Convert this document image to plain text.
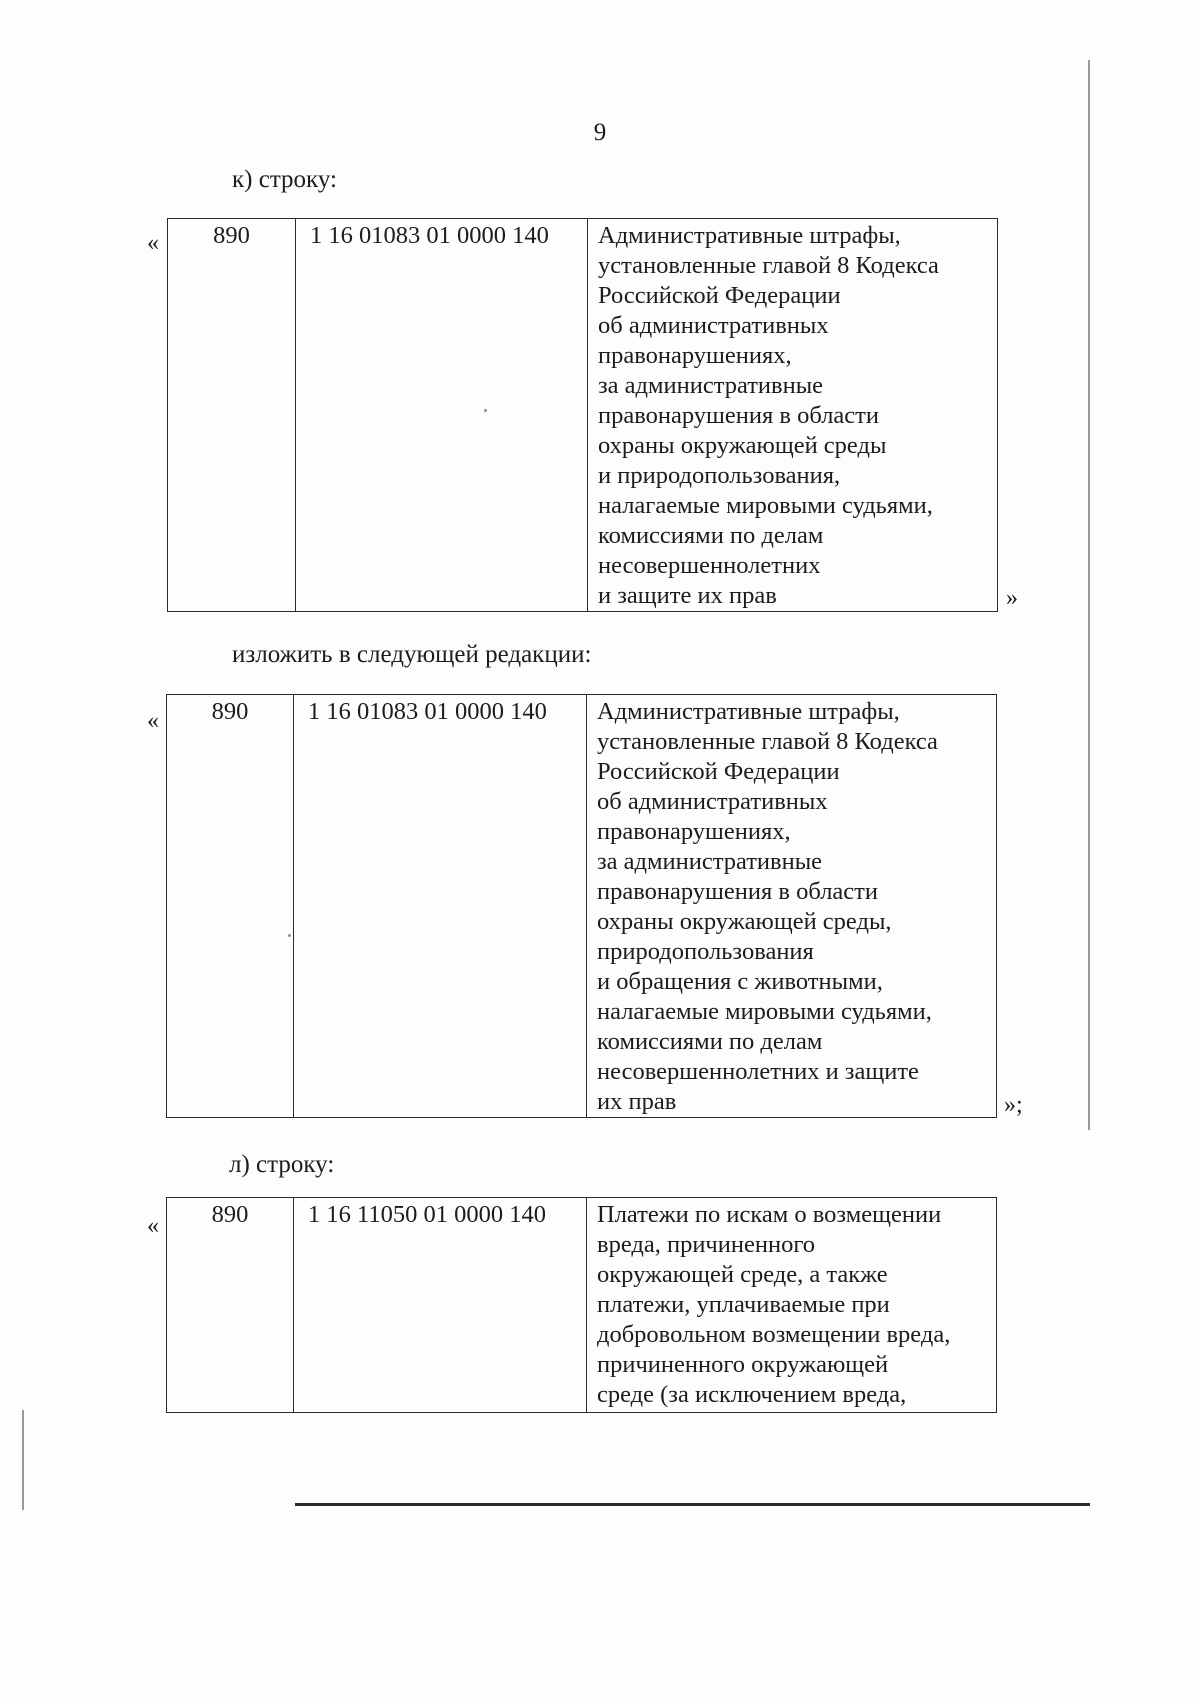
9
к) строку:
« 890	1 16 01083 01 0000 140	Административные штрафы,
установленные главой 8 Кодекса
Российской Федерации
об административных
правонарушениях,
за административные
правонарушения в области
охраны окружающей среды
и природопользования,
налагаемые мировыми судьями,
комиссиями по делам
несовершеннолетних
и защите их прав	»
изложить в следующей редакции:
« 890	1 16 01083 01 0000 140	Административные штрафы,
установленные главой 8 Кодекса
Российской Федерации
об административных
правонарушениях,
за административные
правонарушения в области
охраны окружающей среды,
природопользования
и обращения с животными,
налагаемые мировыми судьями,
комиссиями по делам
несовершеннолетних и защите
их прав	»;
л) строку:
« 890	1 16 11050 01 0000 140	Платежи по искам о возмещении
вреда, причиненного
окружающей среде, а также
платежи, уплачиваемые при
добровольном возмещении вреда,
причиненного окружающей
среде (за исключением вреда,
